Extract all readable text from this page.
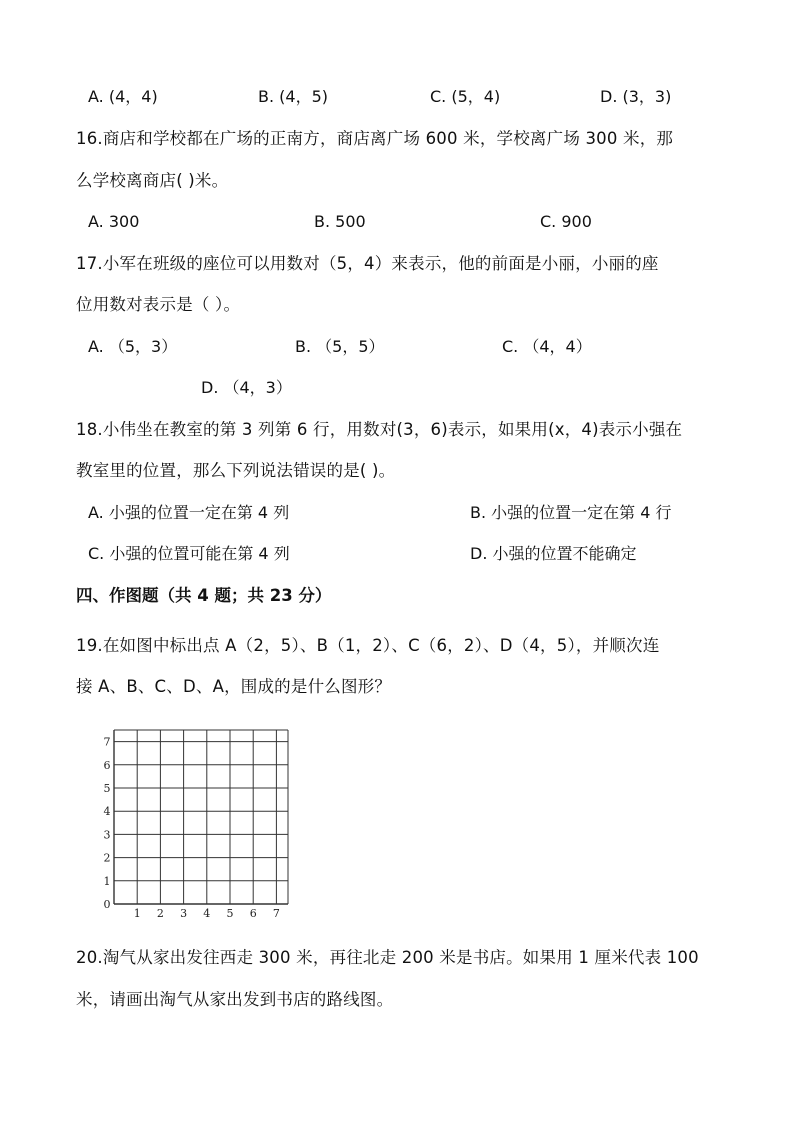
A. (4，4)	B. (4，5)	C. (5，4)	D. (3，3)
16.商店和学校都在广场的正南方，商店离广场 600 米，学校离广场 300 米，那
么学校离商店( )米。
A. 300	B. 500	C. 900
17.小军在班级的座位可以用数对（5，4）来表示，他的前面是小丽，小丽的座
位用数对表示是（ ）。
A. （5，3）	B. （5，5）	C. （4，4）
D. （4，3）
18.小伟坐在教室的第 3 列第 6 行，用数对(3，6)表示，如果用(x，4)表示小强在
教室里的位置，那么下列说法错误的是( )。
A. 小强的位置一定在第 4 列	B. 小强的位置一定在第 4 行
C. 小强的位置可能在第 4 列	D. 小强的位置不能确定
四、作图题（共 4 题；共 23 分）
19.在如图中标出点 A（2，5）、B（1，2）、C（6，2）、D（4，5），并顺次连
接 A、B、C、D、A，围成的是什么图形？
0
1 2 3 4 5 6 7
1
2
3
4
5
6
7
20.淘气从家出发往西走 300 米，再往北走 200 米是书店。如果用 1 厘米代表 100
米，请画出淘气从家出发到书店的路线图。
